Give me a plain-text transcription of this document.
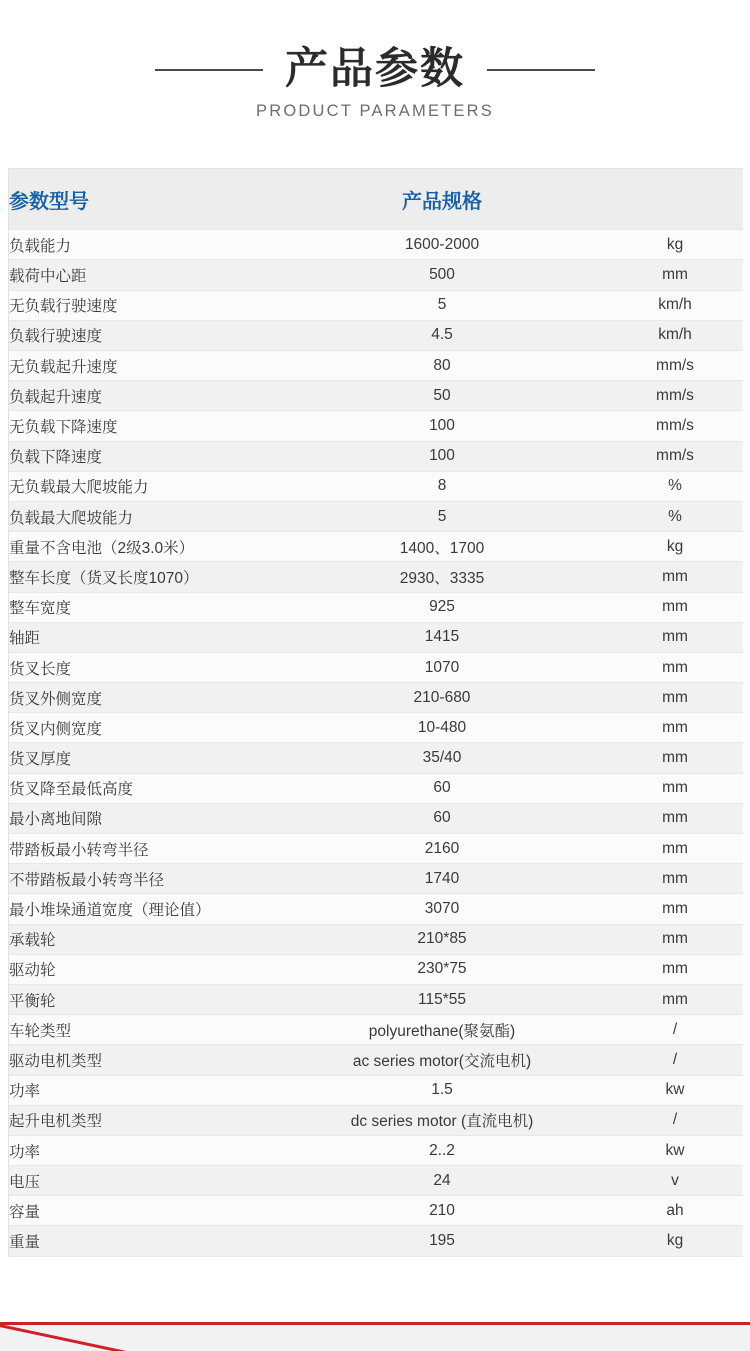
产品参数
PRODUCT PARAMETERS
参数型号	产品规格	
负载能力	1600-2000	kg
载荷中心距	500	mm
无负载行驶速度	5	km/h
负载行驶速度	4.5	km/h
无负载起升速度	80	mm/s
负载起升速度	50	mm/s
无负载下降速度	100	mm/s
负载下降速度	100	mm/s
无负载最大爬坡能力	8	%
负载最大爬坡能力	5	%
重量不含电池（2级3.0米）	1400、1700	kg
整车长度（货叉长度1070）	2930、3335	mm
整车宽度	925	mm
轴距	1415	mm
货叉长度	1070	mm
货叉外侧宽度	210-680	mm
货叉内侧宽度	10-480	mm
货叉厚度	35/40	mm
货叉降至最低高度	60	mm
最小离地间隙	60	mm
带踏板最小转弯半径	2160	mm
不带踏板最小转弯半径	1740	mm
最小堆垛通道宽度（理论值）	3070	mm
承载轮	210*85	mm
驱动轮	230*75	mm
平衡轮	115*55	mm
车轮类型	polyurethane(聚氨酯)	/
驱动电机类型	ac series motor(交流电机)	/
功率	1.5	kw
起升电机类型	dc series motor (直流电机)	/
功率	2..2	kw
电压	24	v
容量	210	ah
重量	195	kg
